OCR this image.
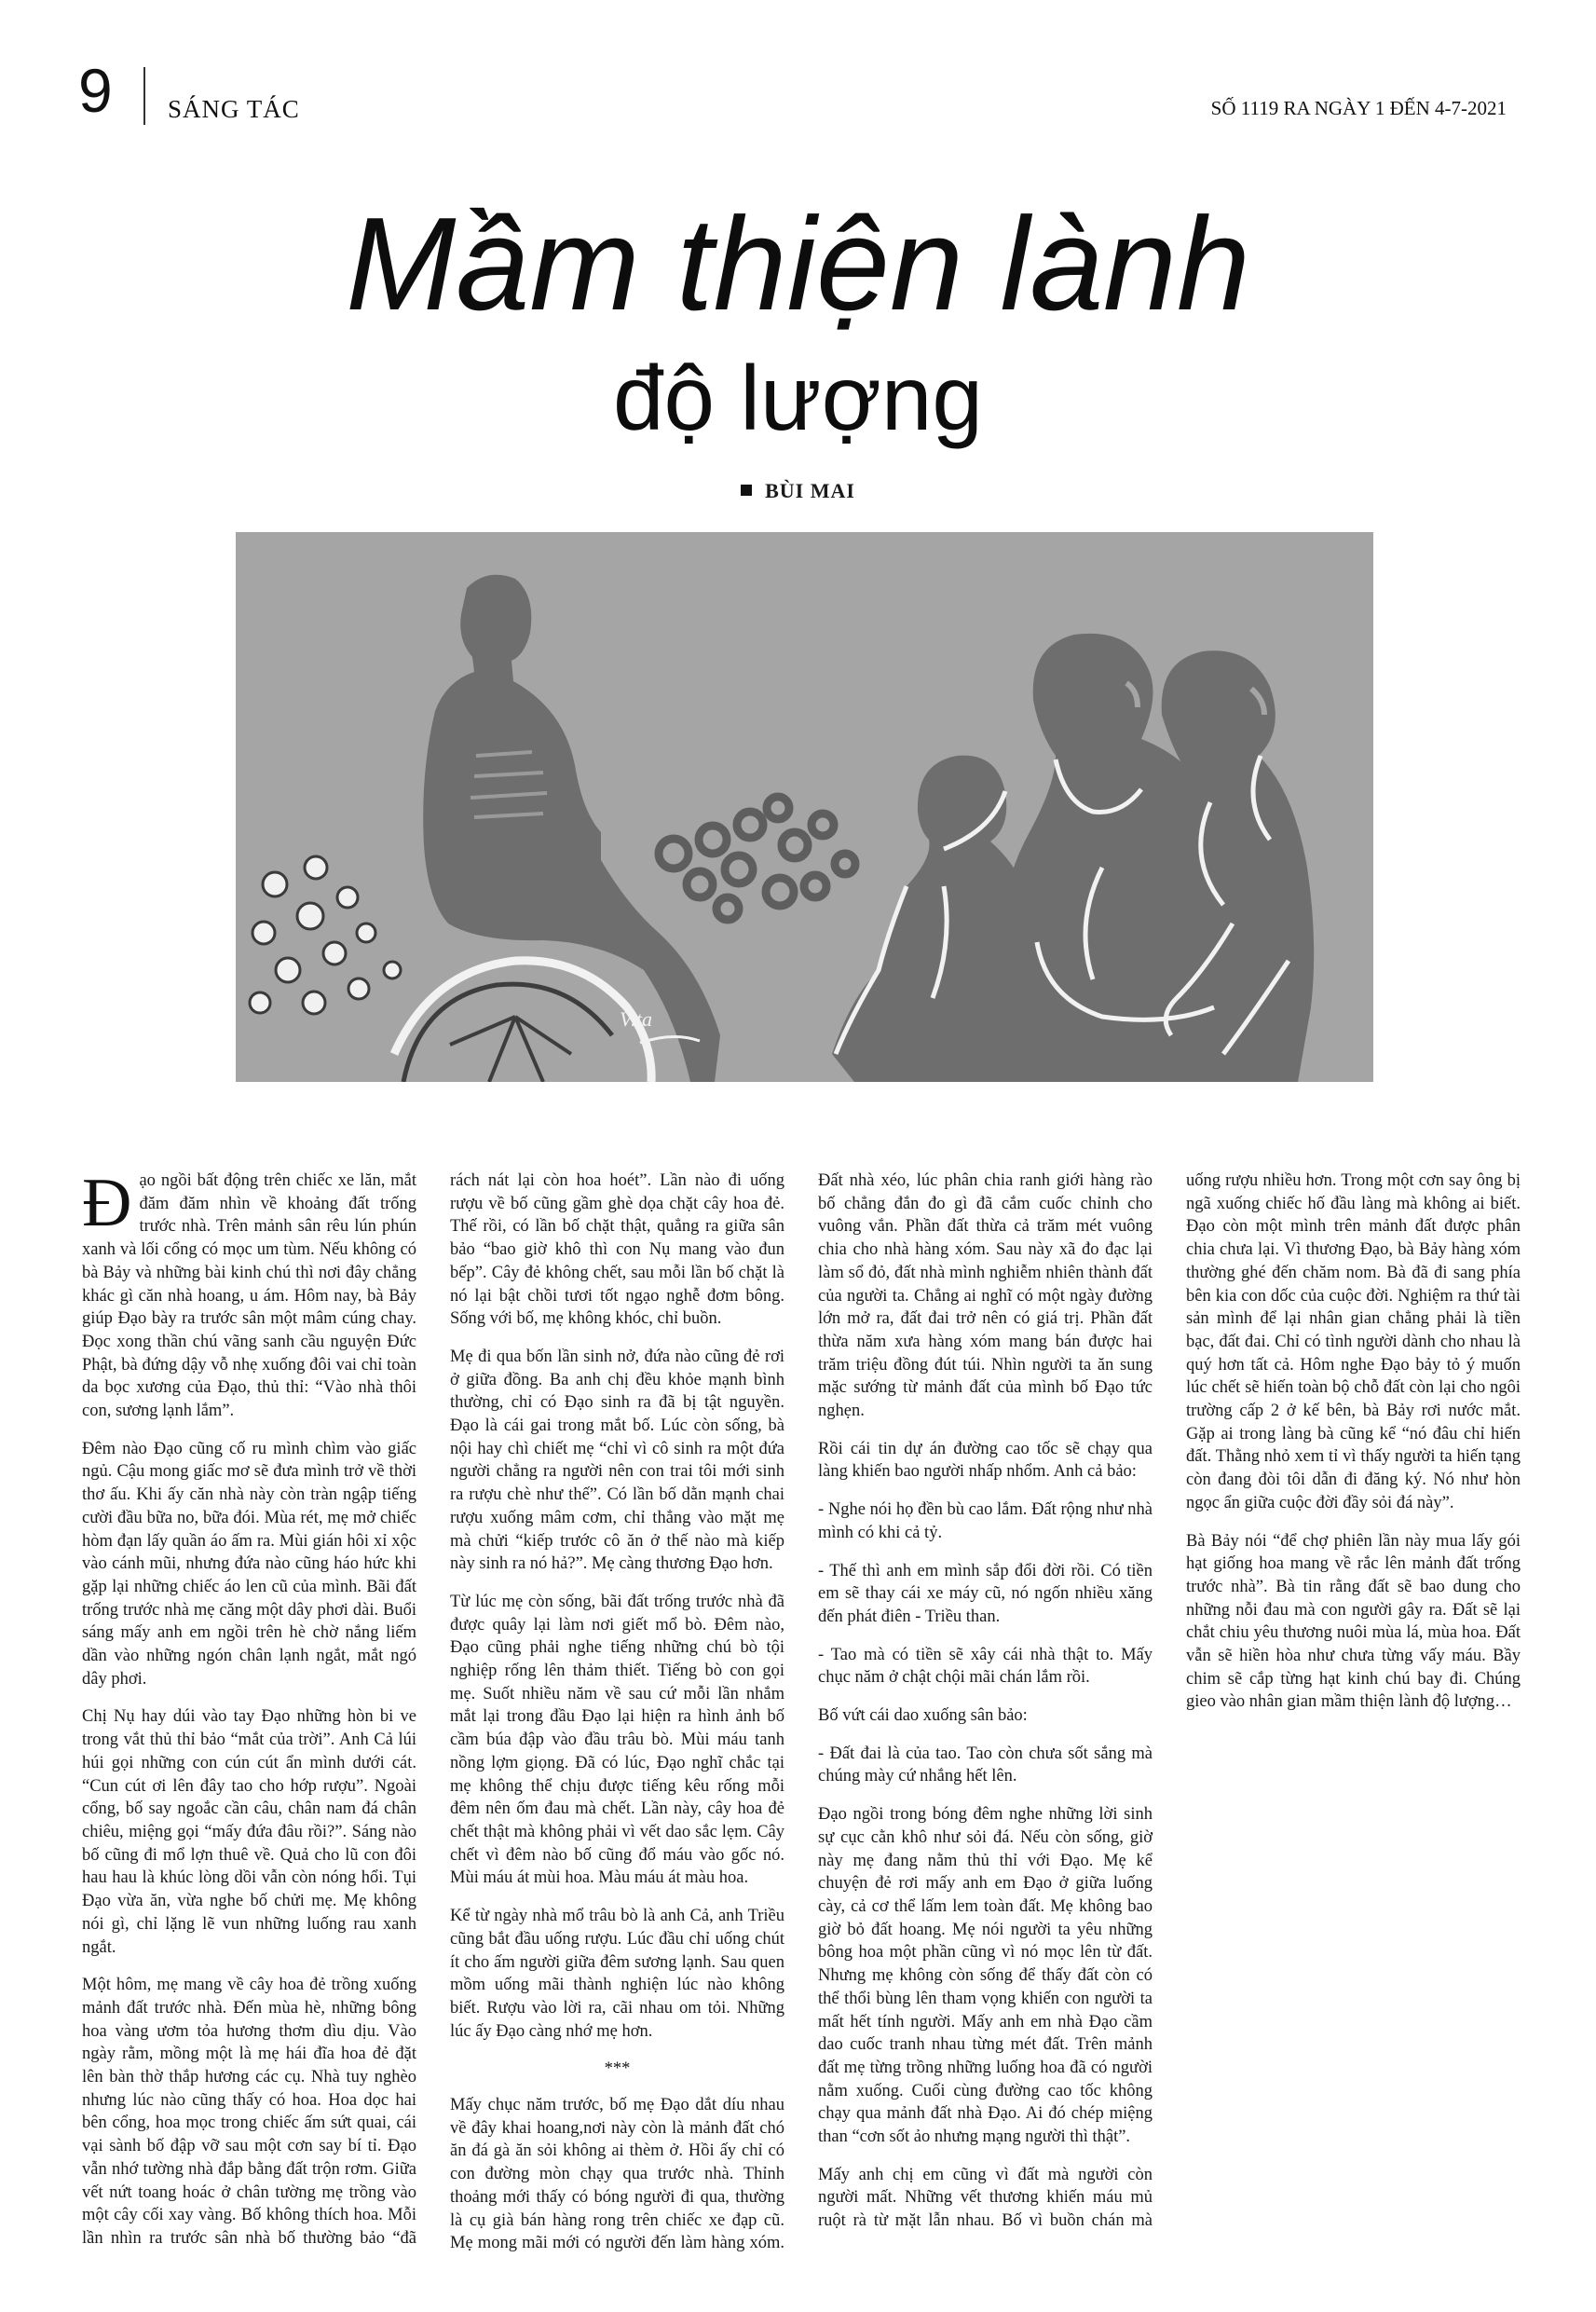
9 SÁNG TÁC	SỐ 1119 RA NGÀY 1 ĐẾN 4-7-2021
Mầm thiện lành
độ lượng
BÙI MAI
Vita

Đạo ngồi bất động trên chiếc xe lăn, mắt đăm đăm nhìn về khoảng đất trống trước nhà. Trên mảnh sân rêu lún phún xanh và lối cổng có mọc um tùm. Nếu không có bà Bảy và những bài kinh chú thì nơi đây chẳng khác gì căn nhà hoang, u ám. Hôm nay, bà Bảy giúp Đạo bày ra trước sân một mâm cúng chay. Đọc xong thần chú vãng sanh cầu nguyện Đức Phật, bà đứng dậy vỗ nhẹ xuống đôi vai chỉ toàn da bọc xương của Đạo, thủ thỉ: “Vào nhà thôi con, sương lạnh lắm”.

Đêm nào Đạo cũng cố ru mình chìm vào giấc ngủ. Cậu mong giấc mơ sẽ đưa mình trở về thời thơ ấu. Khi ấy căn nhà này còn tràn ngập tiếng cười đầu bữa no, bữa đói. Mùa rét, mẹ mở chiếc hòm đạn lấy quần áo ấm ra. Mùi gián hôi xỉ xộc vào cánh mũi, nhưng đứa nào cũng háo hức khi gặp lại những chiếc áo len cũ của mình. Bãi đất trống trước nhà mẹ căng một dây phơi dài. Buổi sáng mấy anh em ngồi trên hè chờ nắng liếm dần vào những ngón chân lạnh ngắt, mắt ngó dây phơi.

Chị Nụ hay dúi vào tay Đạo những hòn bi ve trong vắt thủ thỉ bảo “mắt của trời”. Anh Cả lúi húi gọi những con cún cút ẩn mình dưới cát. “Cun cút ơi lên đây tao cho hớp rượu”. Ngoài cổng, bố say ngoắc cần câu, chân nam đá chân chiêu, miệng gọi “mấy đứa đâu rồi?”. Sáng nào bố cũng đi mổ lợn thuê về. Quả cho lũ con đôi hau hau là khúc lòng dồi vẫn còn nóng hổi. Tụi Đạo vừa ăn, vừa nghe bố chửi mẹ. Mẹ không nói gì, chỉ lặng lẽ vun những luống rau xanh ngắt.

Một hôm, mẹ mang về cây hoa đẻ trồng xuống mảnh đất trước nhà. Đến mùa hè, những bông hoa vàng ươm tỏa hương thơm dìu dịu. Vào ngày rằm, mồng một là mẹ hái đĩa hoa đẻ đặt lên bàn thờ thắp hương các cụ. Nhà tuy nghèo nhưng lúc nào cũng thấy có hoa. Hoa dọc hai bên cổng, hoa mọc trong chiếc ấm sứt quai, cái vại sành bố đập vỡ sau một cơn say bí tỉ. Đạo vẫn nhớ tường nhà đắp bằng đất trộn rơm. Giữa vết nứt toang hoác ở chân tường mẹ trồng vào một cây cối xay vàng. Bố không thích hoa. Mỗi lần nhìn ra trước sân nhà bố thường bảo “đã rách nát lại còn hoa hoét”. Lần nào đi uống rượu về bố cũng gầm ghè dọa chặt cây hoa đẻ. Thế rồi, có lần bố chặt thật, quẳng ra giữa sân bảo “bao giờ khô thì con Nụ mang vào đun bếp”. Cây đẻ không chết, sau mỗi lần bố chặt là nó lại bật chồi tươi tốt ngạo nghễ đơm bông. Sống với bố, mẹ không khóc, chỉ buồn.

Mẹ đi qua bốn lần sinh nở, đứa nào cũng đẻ rơi ở giữa đồng. Ba anh chị đều khỏe mạnh bình thường, chỉ có Đạo sinh ra đã bị tật nguyền. Đạo là cái gai trong mắt bố. Lúc còn sống, bà nội hay chì chiết mẹ “chỉ vì cô sinh ra một đứa người chẳng ra người nên con trai tôi mới sinh ra rượu chè như thế”. Có lần bố dằn mạnh chai rượu xuống mâm cơm, chỉ thẳng vào mặt mẹ mà chửi “kiếp trước cô ăn ở thế nào mà kiếp này sinh ra nó hả?”. Mẹ càng thương Đạo hơn.

Từ lúc mẹ còn sống, bãi đất trống trước nhà đã được quây lại làm nơi giết mổ bò. Đêm nào, Đạo cũng phải nghe tiếng những chú bò tội nghiệp rống lên thảm thiết. Tiếng bò con gọi mẹ. Suốt nhiều năm về sau cứ mỗi lần nhắm mắt lại trong đầu Đạo lại hiện ra hình ảnh bố cầm búa đập vào đầu trâu bò. Mùi máu tanh nồng lợm giọng. Đã có lúc, Đạo nghĩ chắc tại mẹ không thể chịu được tiếng kêu rống mỗi đêm nên ốm đau mà chết. Lần này, cây hoa đẻ chết thật mà không phải vì vết dao sắc lẹm. Cây chết vì đêm nào bố cũng đổ máu vào gốc nó. Mùi máu át mùi hoa. Màu máu át màu hoa.

Kể từ ngày nhà mổ trâu bò là anh Cả, anh Triều cũng bắt đầu uống rượu. Lúc đầu chỉ uống chút ít cho ấm người giữa đêm sương lạnh. Sau quen mồm uống mãi thành nghiện lúc nào không biết. Rượu vào lời ra, cãi nhau om tỏi. Những lúc ấy Đạo càng nhớ mẹ hơn.

***

Mấy chục năm trước, bố mẹ Đạo dắt díu nhau về đây khai hoang,nơi này còn là mảnh đất chó ăn đá gà ăn sỏi không ai thèm ở. Hồi ấy chỉ có con đường mòn chạy qua trước nhà. Thỉnh thoảng mới thấy có bóng người đi qua, thường là cụ già bán hàng rong trên chiếc xe đạp cũ. Mẹ mong mãi mới có người đến làm hàng xóm. Đất nhà xéo, lúc phân chia ranh giới hàng rào bố chẳng đắn đo gì đã cắm cuốc chỉnh cho vuông vắn. Phần đất thừa cả trăm mét vuông chia cho nhà hàng xóm. Sau này xã đo đạc lại làm sổ đỏ, đất nhà mình nghiễm nhiên thành đất của người ta. Chẳng ai nghĩ có một ngày đường lớn mở ra, đất đai trở nên có giá trị. Phần đất thừa năm xưa hàng xóm mang bán được hai trăm triệu đồng đút túi. Nhìn người ta ăn sung mặc sướng từ mảnh đất của mình bố Đạo tức nghẹn.

Rồi cái tin dự án đường cao tốc sẽ chạy qua làng khiến bao người nhấp nhổm. Anh cả bảo:

- Nghe nói họ đền bù cao lắm. Đất rộng như nhà mình có khi cả tỷ.

- Thế thì anh em mình sắp đổi đời rồi. Có tiền em sẽ thay cái xe máy cũ, nó ngốn nhiều xăng đến phát điên - Triều than.

- Tao mà có tiền sẽ xây cái nhà thật to. Mấy chục năm ở chật chội mãi chán lắm rồi.

Bố vứt cái dao xuống sân bảo:

- Đất đai là của tao. Tao còn chưa sốt sắng mà chúng mày cứ nhắng hết lên.

Đạo ngồi trong bóng đêm nghe những lời sinh sự cục cằn khô như sỏi đá. Nếu còn sống, giờ này mẹ đang nằm thủ thỉ với Đạo. Mẹ kể chuyện đẻ rơi mấy anh em Đạo ở giữa luống cày, cả cơ thể lấm lem toàn đất. Mẹ không bao giờ bỏ đất hoang. Mẹ nói người ta yêu những bông hoa một phần cũng vì nó mọc lên từ đất. Nhưng mẹ không còn sống để thấy đất còn có thể thổi bùng lên tham vọng khiến con người ta mất hết tính người. Mấy anh em nhà Đạo cầm dao cuốc tranh nhau từng mét đất. Trên mảnh đất mẹ từng trồng những luống hoa đã có người nằm xuống. Cuối cùng đường cao tốc không chạy qua mảnh đất nhà Đạo. Ai đó chép miệng than “cơn sốt ảo nhưng mạng người thì thật”.

Mấy anh chị em cũng vì đất mà người còn người mất. Những vết thương khiến máu mủ ruột rà từ mặt lẫn nhau. Bố vì buồn chán mà uống rượu nhiều hơn. Trong một cơn say ông bị ngã xuống chiếc hố đầu làng mà không ai biết. Đạo còn một mình trên mảnh đất được phân chia chưa lại. Vì thương Đạo, bà Bảy hàng xóm thường ghé đến chăm nom. Bà đã đi sang phía bên kia con dốc của cuộc đời. Nghiệm ra thứ tài sản mình để lại nhân gian chẳng phải là tiền bạc, đất đai. Chỉ có tình người dành cho nhau là quý hơn tất cả. Hôm nghe Đạo bảy tỏ ý muốn lúc chết sẽ hiến toàn bộ chỗ đất còn lại cho ngôi trường cấp 2 ở kế bên, bà Bảy rơi nước mắt. Gặp ai trong làng bà cũng kể “nó đâu chỉ hiến đất. Thằng nhỏ xem tỉ vì thấy người ta hiến tạng còn đang đòi tôi dẫn đi đăng ký. Nó như hòn ngọc ẩn giữa cuộc đời đầy sỏi đá này”.

Bà Bảy nói “để chợ phiên lần này mua lấy gói hạt giống hoa mang về rắc lên mảnh đất trống trước nhà”. Bà tin rằng đất sẽ bao dung cho những nỗi đau mà con người gây ra. Đất sẽ lại chắt chiu yêu thương nuôi mùa lá, mùa hoa. Đất vẫn sẽ hiền hòa như chưa từng vấy máu. Bầy chim sẽ cắp từng hạt kinh chú bay đi. Chúng gieo vào nhân gian mầm thiện lành độ lượng…
